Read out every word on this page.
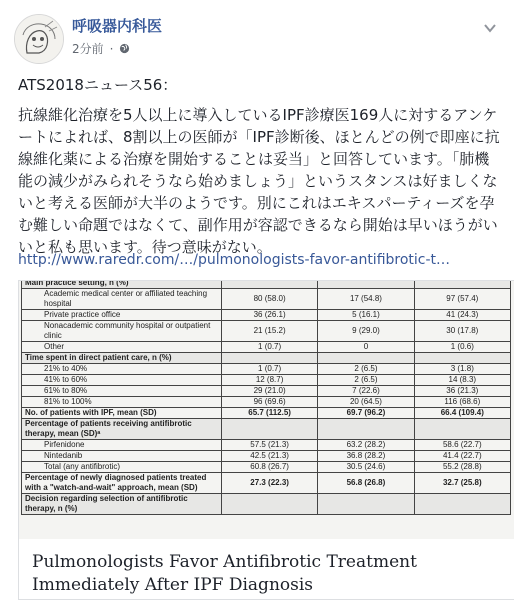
呼吸器内科医
2分前 ·

ATS2018ニュース56：

抗線維化治療を5人以上に導入しているIPF診療医169人に対するアンケートによれば、8割以上の医師が「IPF診断後、ほとんどの例で即座に抗線維化薬による治療を開始することは妥当」と回答しています。「肺機能の減少がみられそうなら始めましょう」というスタンスは好ましくないと考える医師が大半のようです。別にこれはエキスパーティーズを孕む難しい命題ではなくて、副作用が容認できるなら開始は早いほうがいいと私も思います。待つ意味がない。

http://www.raredr.com/…/pulmonologists-favor-antifibrotic-t…
Main practice setting, n (%)			
Academic medical center or affiliated teaching hospital	80 (58.0)	17 (54.8)	97 (57.4)
Private practice office	36 (26.1)	5 (16.1)	41 (24.3)
Nonacademic community hospital or outpatient clinic	21 (15.2)	9 (29.0)	30 (17.8)
Other	1 (0.7)	0	1 (0.6)
Time spent in direct patient care, n (%)			
21% to 40%	1 (0.7)	2 (6.5)	3 (1.8)
41% to 60%	12 (8.7)	2 (6.5)	14 (8.3)
61% to 80%	29 (21.0)	7 (22.6)	36 (21.3)
81% to 100%	96 (69.6)	20 (64.5)	116 (68.6)
No. of patients with IPF, mean (SD)	65.7 (112.5)	69.7 (96.2)	66.4 (109.4)
Percentage of patients receiving antifibrotic therapy, mean (SD)ᵃ			
Pirfenidone	57.5 (21.3)	63.2 (28.2)	58.6 (22.7)
Nintedanib	42.5 (21.3)	36.8 (28.2)	41.4 (22.7)
Total (any antifibrotic)	60.8 (26.7)	30.5 (24.6)	55.2 (28.8)
Percentage of newly diagnosed patients treated with a "watch-and-wait" approach, mean (SD)	27.3 (22.3)	56.8 (26.8)	32.7 (25.8)
Decision regarding selection of antifibrotic therapy, n (%)			
Pulmonologists Favor Antifibrotic Treatment Immediately After IPF Diagnosis
